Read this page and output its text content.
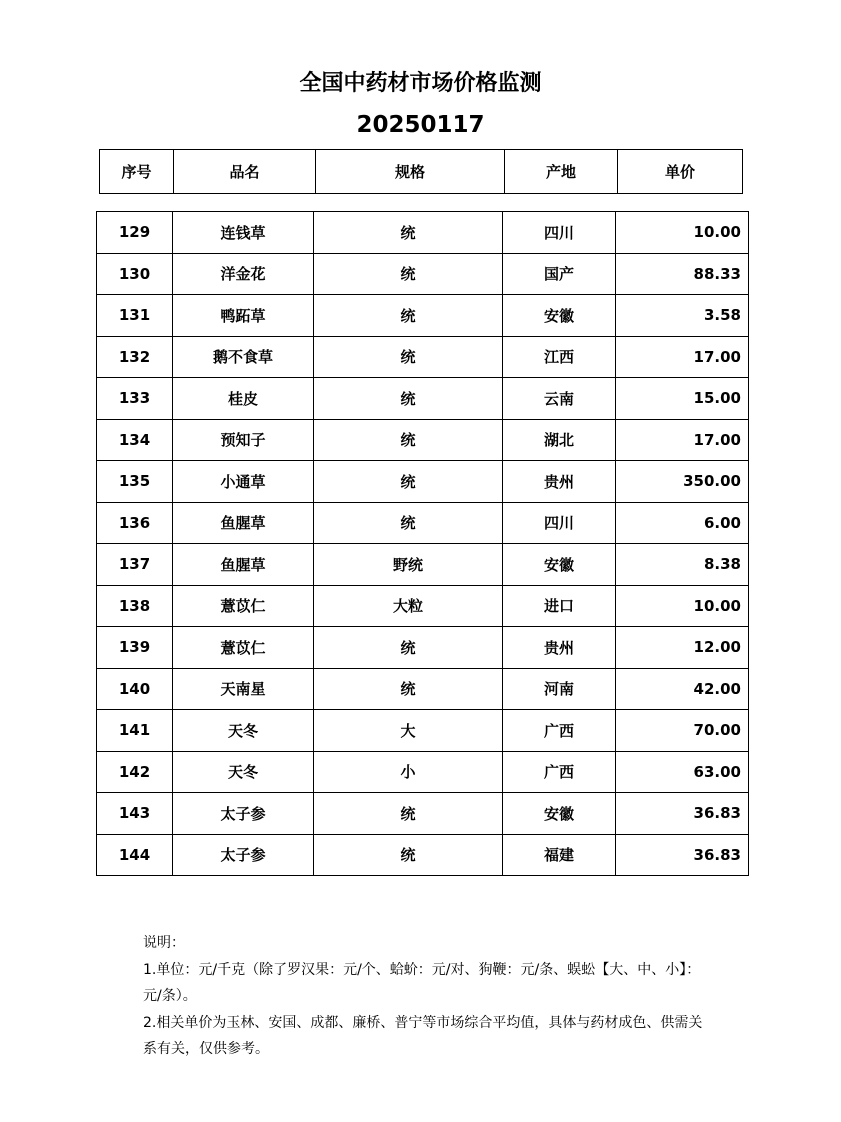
全国中药材市场价格监测
20250117
序号	品名	规格	产地	单价
129	连钱草	统	四川	10.00
130	洋金花	统	国产	88.33
131	鸭跖草	统	安徽	3.58
132	鹅不食草	统	江西	17.00
133	桂皮	统	云南	15.00
134	预知子	统	湖北	17.00
135	小通草	统	贵州	350.00
136	鱼腥草	统	四川	6.00
137	鱼腥草	野统	安徽	8.38
138	薏苡仁	大粒	进口	10.00
139	薏苡仁	统	贵州	12.00
140	天南星	统	河南	42.00
141	天冬	大	广西	70.00
142	天冬	小	广西	63.00
143	太子参	统	安徽	36.83
144	太子参	统	福建	36.83
说明：
1.单位：元/千克（除了罗汉果：元/个、蛤蚧：元/对、狗鞭：元/条、蜈蚣【大、中、小】：元/条）。
2.相关单价为玉林、安国、成都、廉桥、普宁等市场综合平均值，具体与药材成色、供需关系有关，仅供参考。
